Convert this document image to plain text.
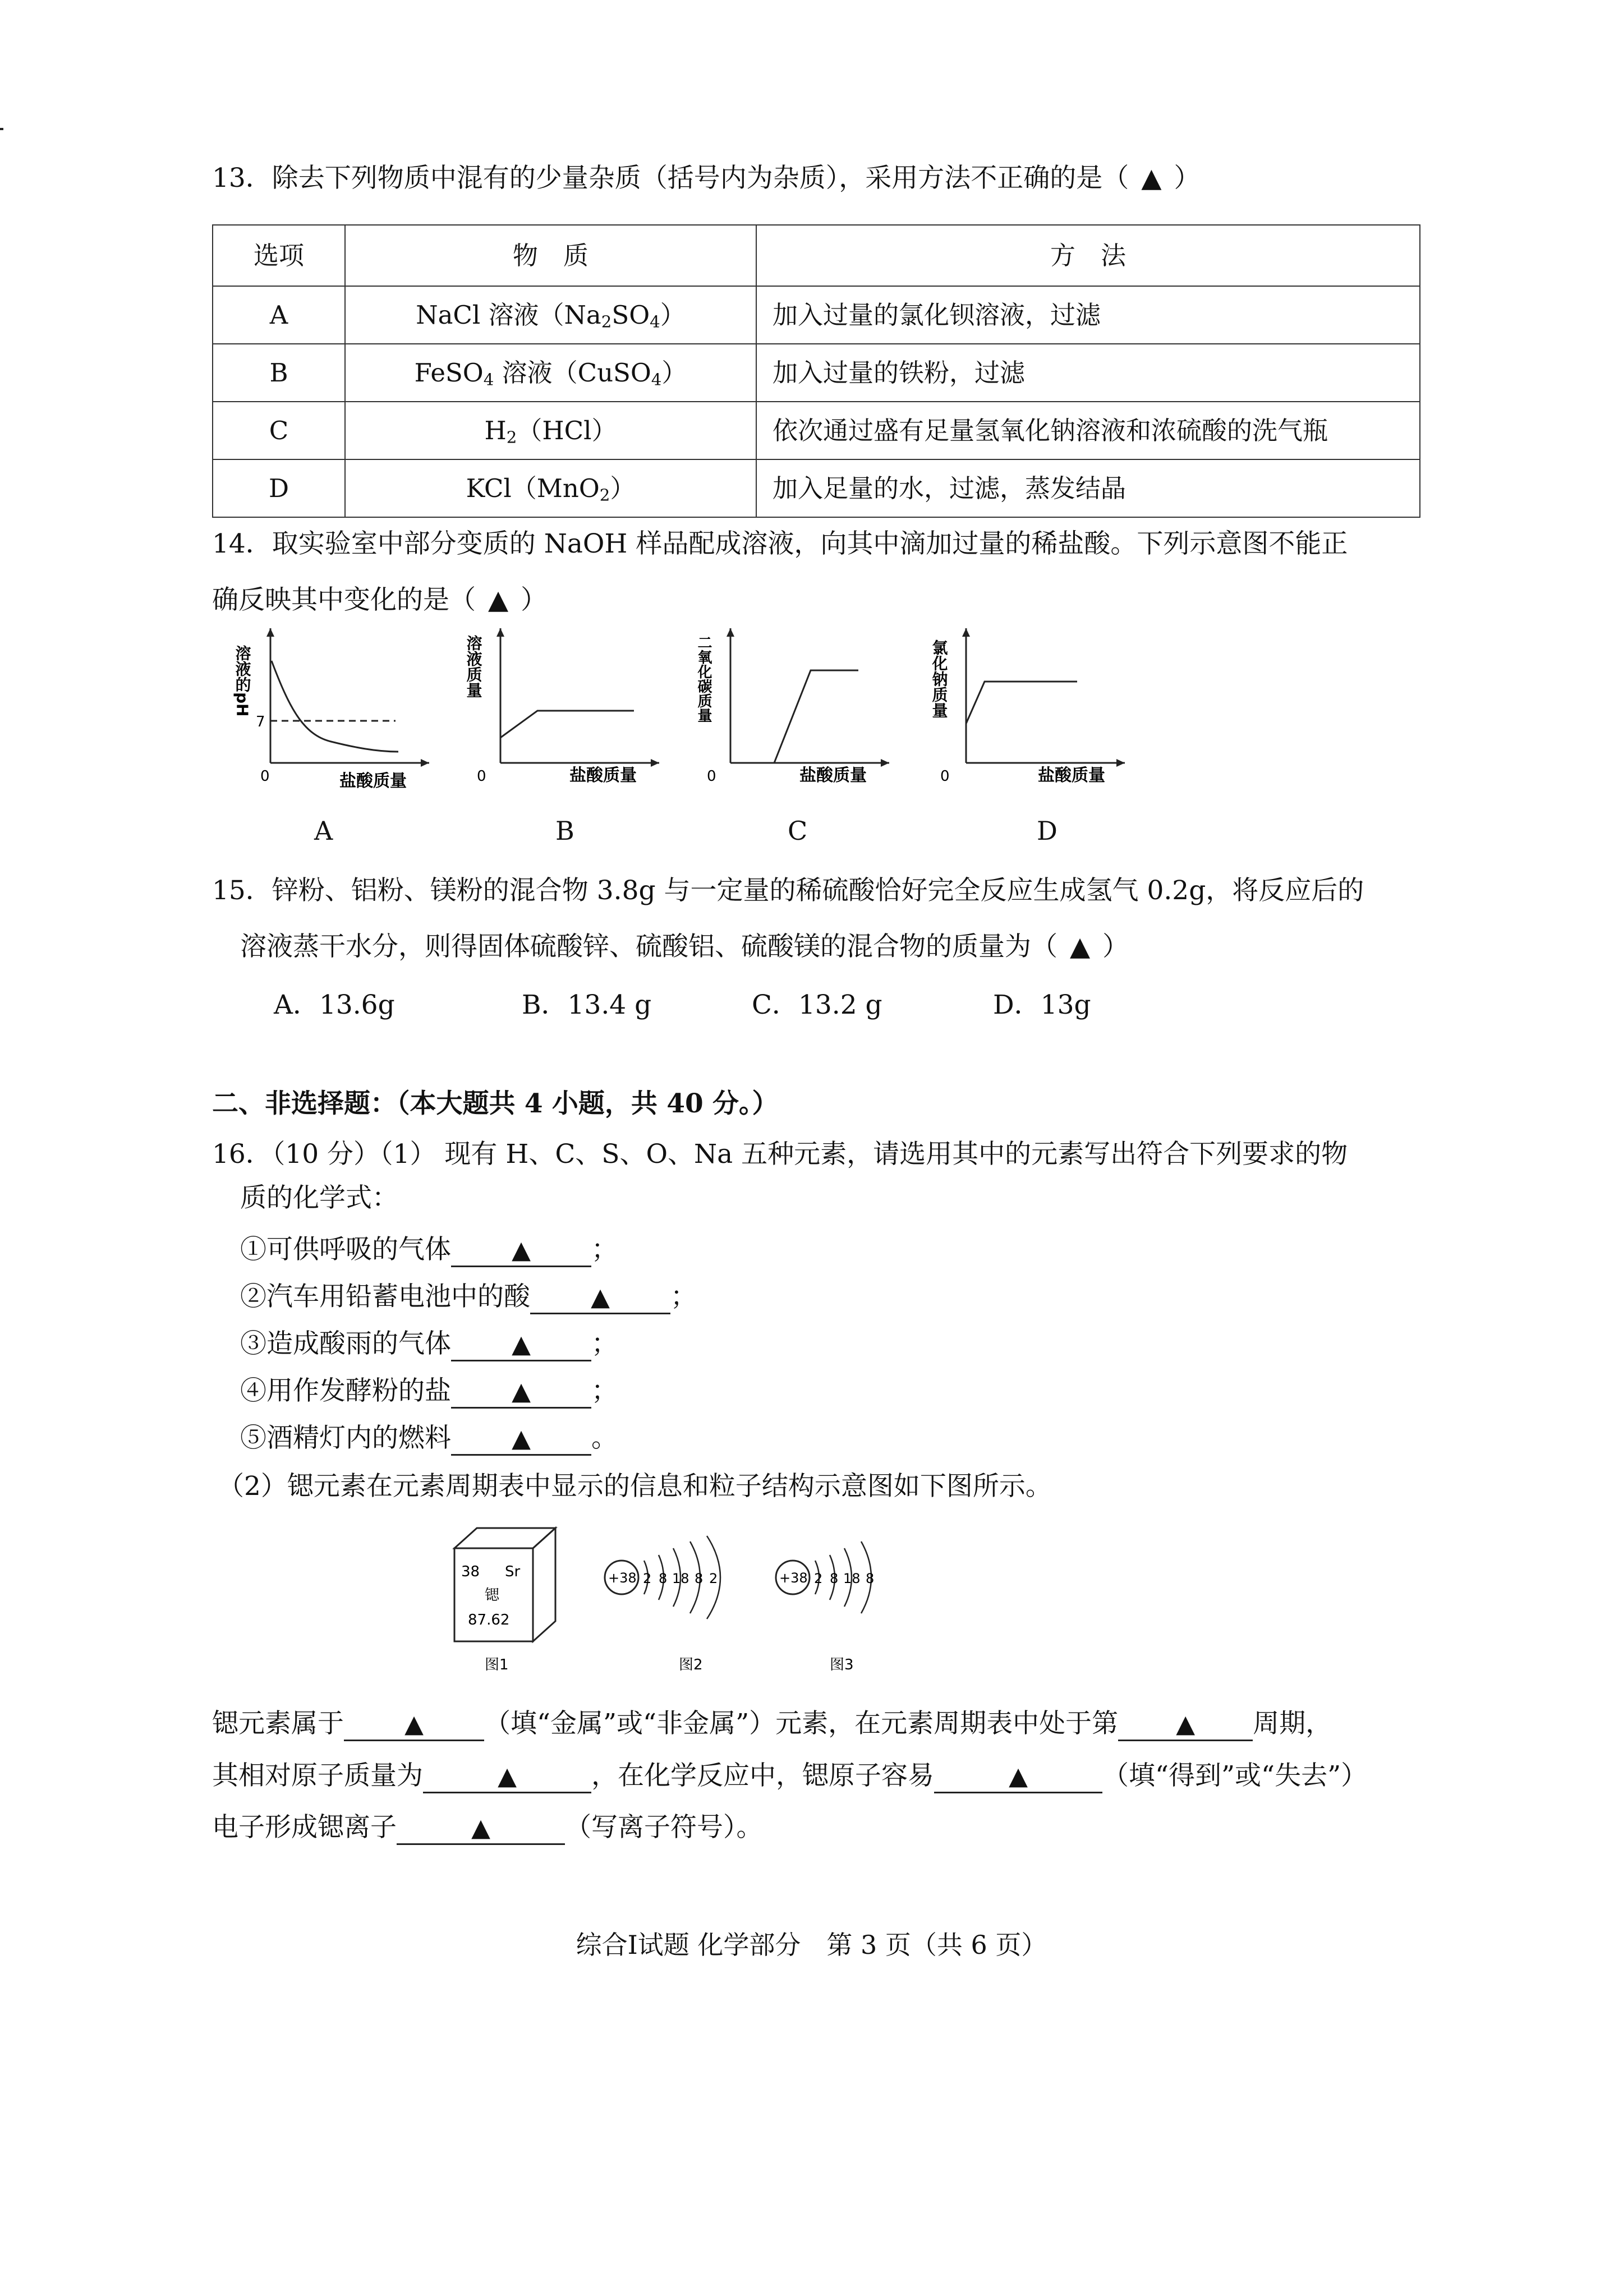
13．除去下列物质中混有的少量杂质（括号内为杂质），采用方法不正确的是（ ▲ ）
选项	物　质	方　法
A	NaCl 溶液$(Na_2SO_4)$	加入过量的氯化钡溶液，过滤
B	FeSO$_4$ 溶液（CuSO$_4$）	加入过量的铁粉，过滤
C	$H_2(HCl)$	依次通过盛有足量氢氧化钠溶液和浓硫酸的洗气瓶
D	KCl（MnO$_2$）	加入足量的水，过滤，蒸发结晶
14．取实验室中部分变质的 NaOH 样品配成溶液，向其中滴加过量的稀盐酸。下列示意图不能正
确反映其中变化的是（ ▲ ）
7
0	盐酸质量
溶液的pH
A
0	盐酸质量
溶液质量
B
0	盐酸质量
二氧化碳质量
C
0	盐酸质量
氯化钠质量
D
15．锌粉、铝粉、镁粉的混合物 3.8g 与一定量的稀硫酸恰好完全反应生成氢气 0.2g，将反应后的
溶液蒸干水分，则得固体硫酸锌、硫酸铝、硫酸镁的混合物的质量为（ ▲ ）
A．13.6g	B．13.4 g	C．13.2 g	D．13g
二、非选择题：（本大题共 4 小题，共 40 分。）
16．（10 分）（1） 现有 H、C、S、O、Na 五种元素，请选用其中的元素写出符合下列要求的物
质的化学式：
①可供呼吸的气体 ▲ ；
②汽车用铅蓄电池中的酸 ▲ ；
③造成酸雨的气体 ▲ ；
④用作发酵粉的盐 ▲ ；
⑤酒精灯内的燃料 ▲ 。
（2）锶元素在元素周期表中显示的信息和粒子结构示意图如下图所示。
38 Sr
锶
87.62
图1
+38 2 8 18 8 2
图2
+38 2 8 18 8
图3
锶元素属于 ▲ （填“金属”或“非金属”）元素，在元素周期表中处于第 ▲ 周期，
其相对原子质量为	▲	，在化学反应中，锶原子容易	▲	（填“得到”或“失去”）
电子形成锶离子	▲	（写离子符号）。
综合Ⅰ试题 化学部分　第 3 页（共 6 页）
